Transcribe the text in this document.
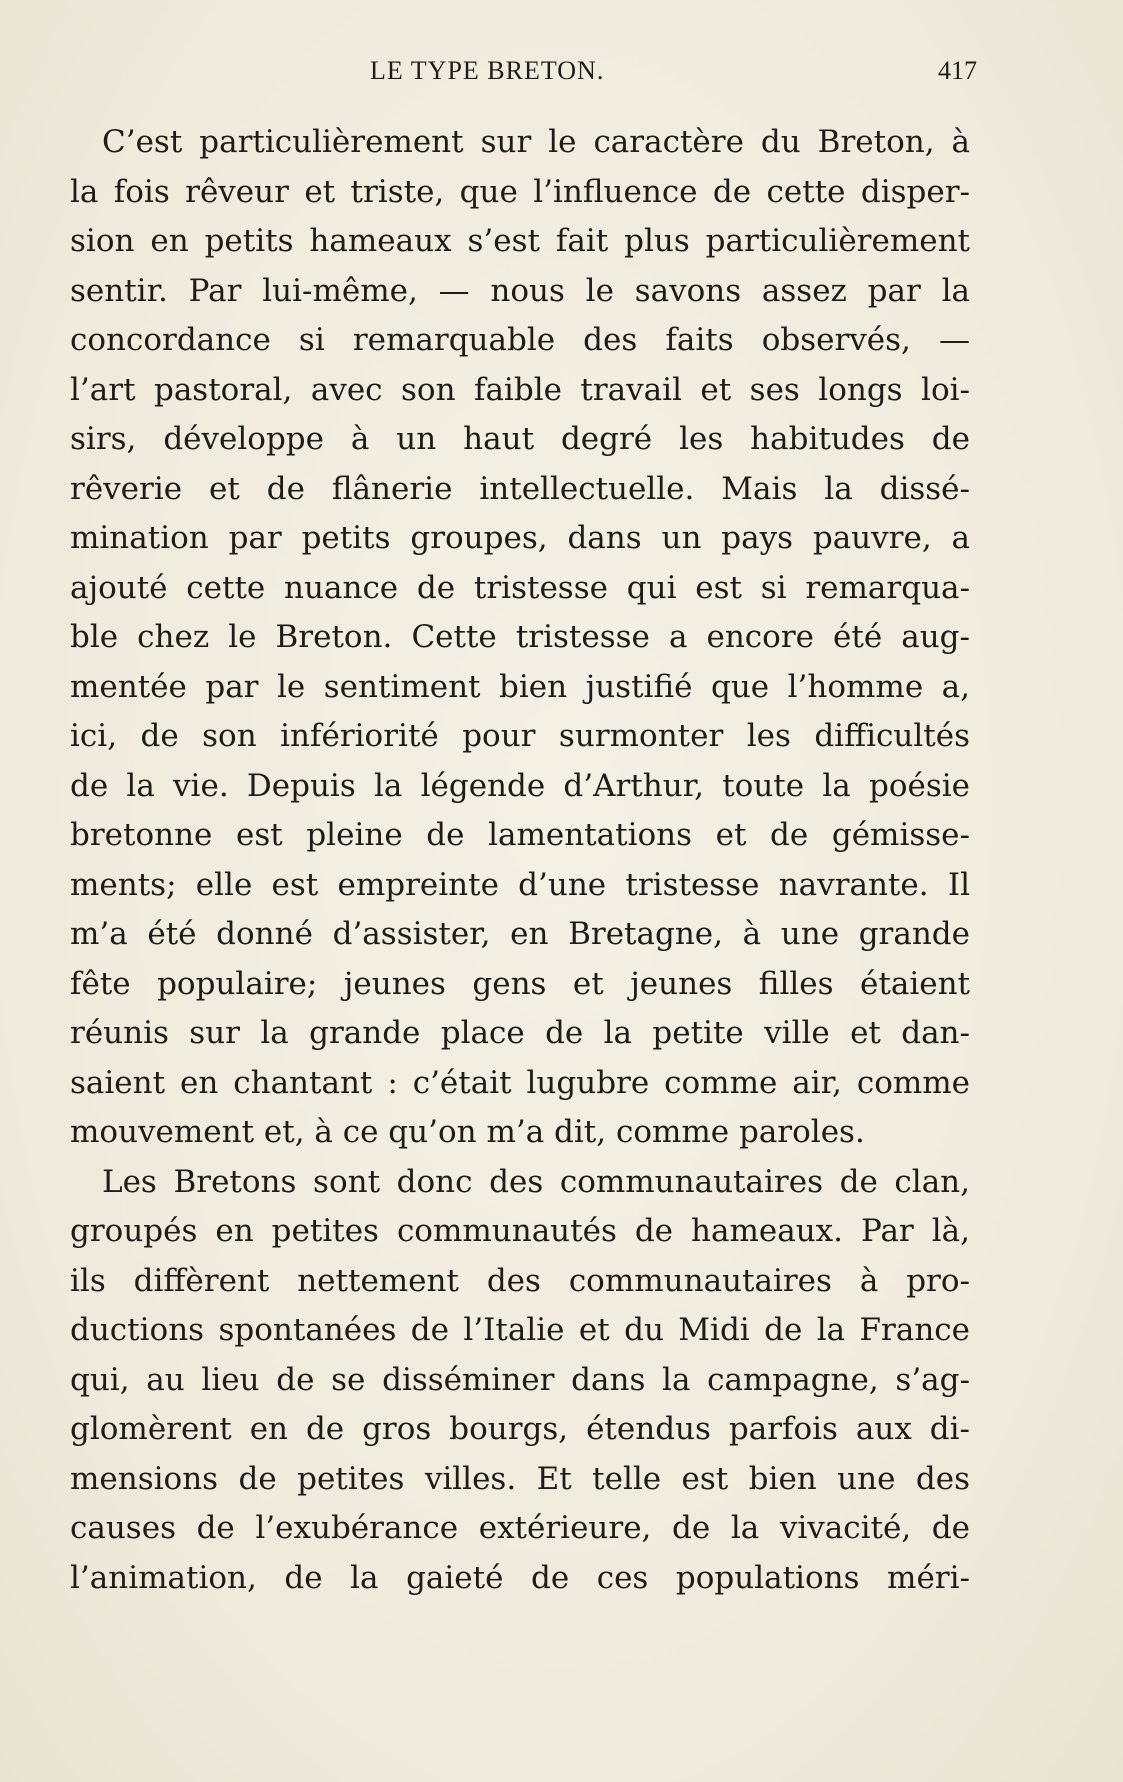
LE TYPE BRETON.	417
C’est particulièrement sur le caractère du Breton, à
la fois rêveur et triste, que l’influence de cette disper-
sion en petits hameaux s’est fait plus particulièrement
sentir. Par lui-même, — nous le savons assez par la
concordance si remarquable des faits observés, —
l’art pastoral, avec son faible travail et ses longs loi-
sirs, développe à un haut degré les habitudes de
rêverie et de flânerie intellectuelle. Mais la dissé-
mination par petits groupes, dans un pays pauvre, a
ajouté cette nuance de tristesse qui est si remarqua-
ble chez le Breton. Cette tristesse a encore été aug-
mentée par le sentiment bien justifié que l’homme a,
ici, de son infériorité pour surmonter les difficultés
de la vie. Depuis la légende d’Arthur, toute la poésie
bretonne est pleine de lamentations et de gémisse-
ments; elle est empreinte d’une tristesse navrante. Il
m’a été donné d’assister, en Bretagne, à une grande
fête populaire; jeunes gens et jeunes filles étaient
réunis sur la grande place de la petite ville et dan-
saient en chantant : c’était lugubre comme air, comme
mouvement et, à ce qu’on m’a dit, comme paroles.
Les Bretons sont donc des communautaires de clan,
groupés en petites communautés de hameaux. Par là,
ils diffèrent nettement des communautaires à pro-
ductions spontanées de l’Italie et du Midi de la France
qui, au lieu de se disséminer dans la campagne, s’ag-
glomèrent en de gros bourgs, étendus parfois aux di-
mensions de petites villes. Et telle est bien une des
causes de l’exubérance extérieure, de la vivacité, de
l’animation, de la gaieté de ces populations méri-
